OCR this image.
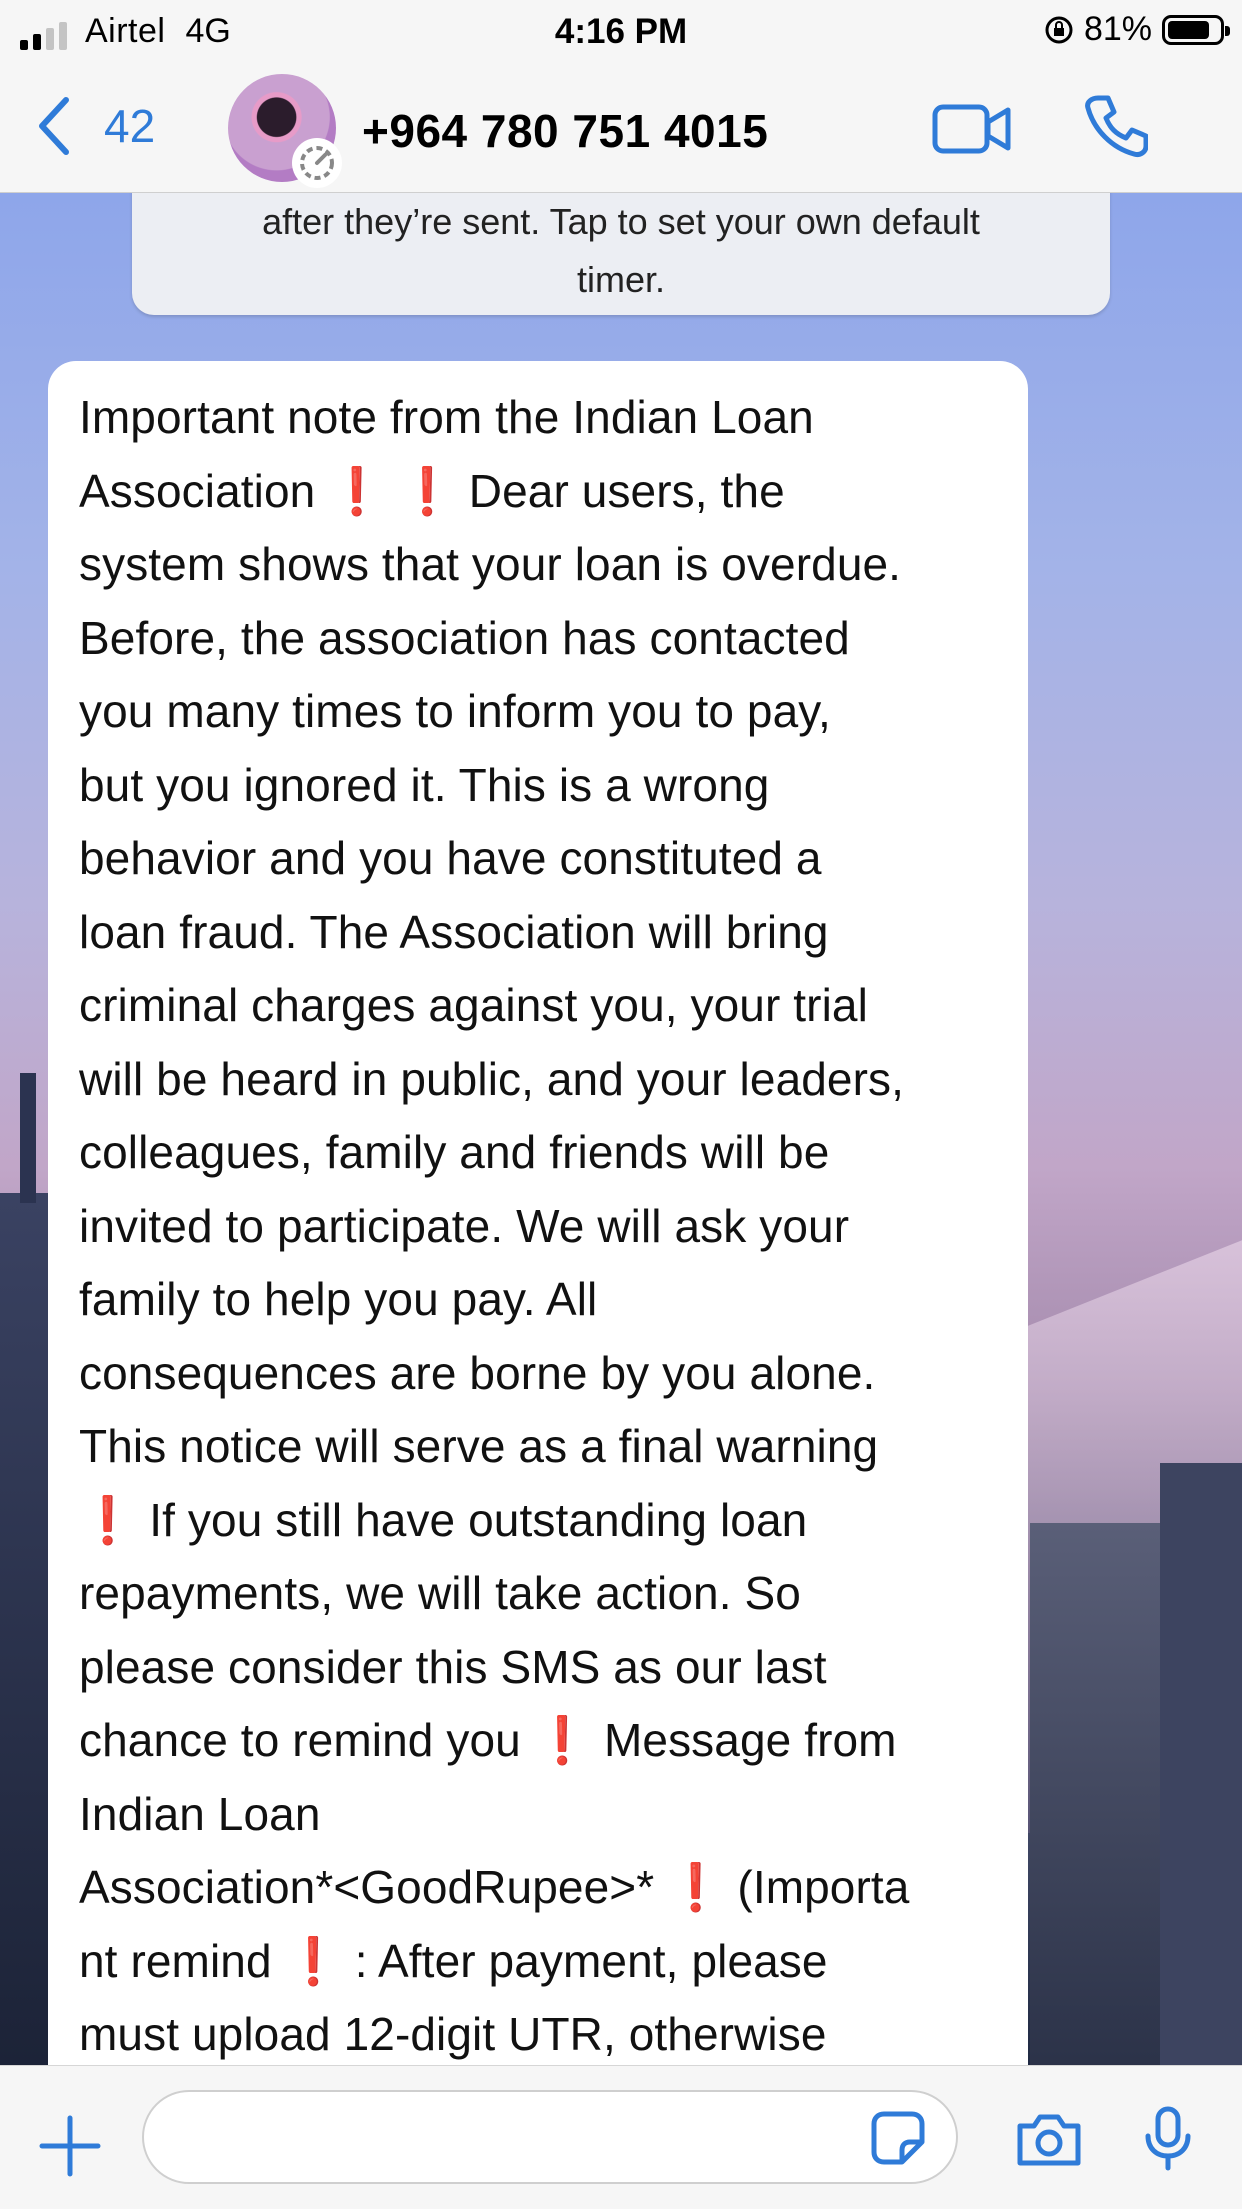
Airtel 4G	4:16 PM	81%
42	+964 780 751 4015
after they’re sent. Tap to set your own default
timer.
Important note from the Indian Loan
Association ❗ ❗ Dear users, the
system shows that your loan is overdue.
Before, the association has contacted
you many times to inform you to pay,
but you ignored it. This is a wrong
behavior and you have constituted a
loan fraud. The Association will bring
criminal charges against you, your trial
will be heard in public, and your leaders,
colleagues, family and friends will be
invited to participate. We will ask your
family to help you pay. All
consequences are borne by you alone.
This notice will serve as a final warning
❗ If you still have outstanding loan
repayments, we will take action. So
please consider this SMS as our last
chance to remind you ❗ Message from
Indian Loan
Association*<GoodRupee>* ❗ (Importa
nt remind ❗ : After payment, please
must upload 12-digit UTR, otherwise
